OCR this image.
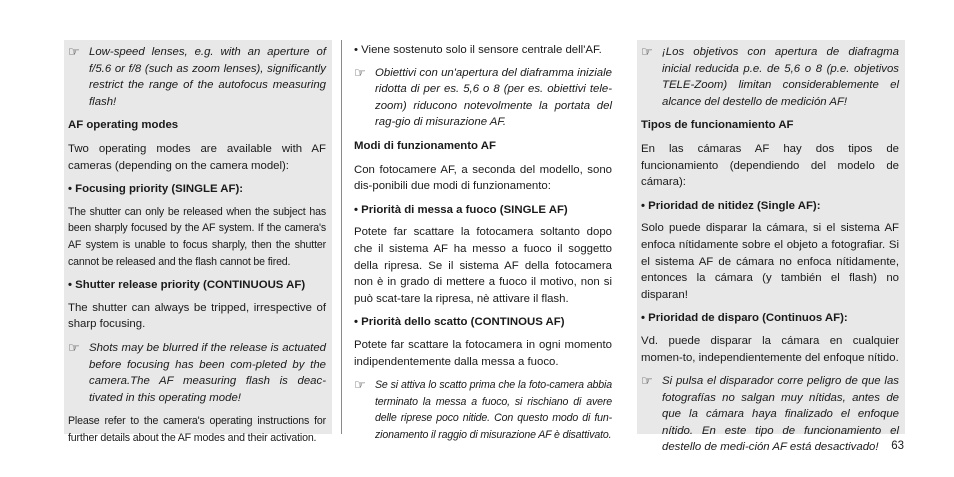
☞ Low-speed lenses, e.g. with an aperture of f/5.6 or f/8 (such as zoom lenses), significantly restrict the range of the autofocus measuring flash!
AF operating modes
Two operating modes are available with AF cameras (depending on the camera model):
• Focusing priority (SINGLE AF):
The shutter can only be released when the subject has been sharply focused by the AF system. If the camera's AF system is unable to focus sharply, then the shutter cannot be released and the flash cannot be fired.
• Shutter release priority (CONTINUOUS AF)
The shutter can always be tripped, irrespective of sharp focusing.
☞ Shots may be blurred if the release is actuated before focusing has been com-pleted by the camera.The AF measuring flash is deac-tivated in this operating mode!
Please refer to the camera's operating instructions for further details about the AF modes and their activation.
• Viene sostenuto solo il sensore centrale dell'AF.
☞ Obiettivi con un'apertura del diaframma iniziale ridotta di per es. 5,6 o 8 (per es. obiettivi tele-zoom) riducono notevolmente la portata del rag-gio di misurazione AF.
Modi di funzionamento AF
Con fotocamere AF, a seconda del modello, sono dis-ponibili due modi di funzionamento:
• Priorità di messa a fuoco (SINGLE AF)
Potete far scattare la fotocamera soltanto dopo che il sistema AF ha messo a fuoco il soggetto della ripresa. Se il sistema AF della fotocamera non è in grado di mettere a fuoco il motivo, non si può scat-tare la ripresa, nè attivare il flash.
• Priorità dello scatto (CONTINOUS AF)
Potete far scattare la fotocamera in ogni momento indipendentemente dalla messa a fuoco.
☞ Se si attiva lo scatto prima che la foto-camera abbia terminato la messa a fuoco, si rischiano di avere delle riprese poco nitide. Con questo modo di fun-zionamento il raggio di misurazione AF è disattivato.
☞ ¡Los objetivos con apertura de diafragma inicial reducida p.e. de 5,6 o 8 (p.e. objetivos TELE-Zoom) limitan considerablemente el alcance del destello de medición AF!
Tipos de funcionamiento AF
En las cámaras AF hay dos tipos de funcionamiento (dependiendo del modelo de cámara):
• Prioridad de nitidez (Single AF):
Solo puede disparar la cámara, si el sistema AF enfoca nítidamente sobre el objeto a fotografiar. Si el sistema AF de cámara no enfoca nítidamente, entonces la cámara (y también el flash) no disparan!
• Prioridad de disparo (Continuos AF):
Vd. puede disparar la cámara en cualquier momen-to, independientemente del enfoque nítido.
☞ Si pulsa el disparador corre peligro de que las fotografías no salgan muy nítidas, antes de que la cámara haya finalizado el enfoque nítido. En este tipo de funcionamiento el destello de medi-ción AF está desactivado!	63
